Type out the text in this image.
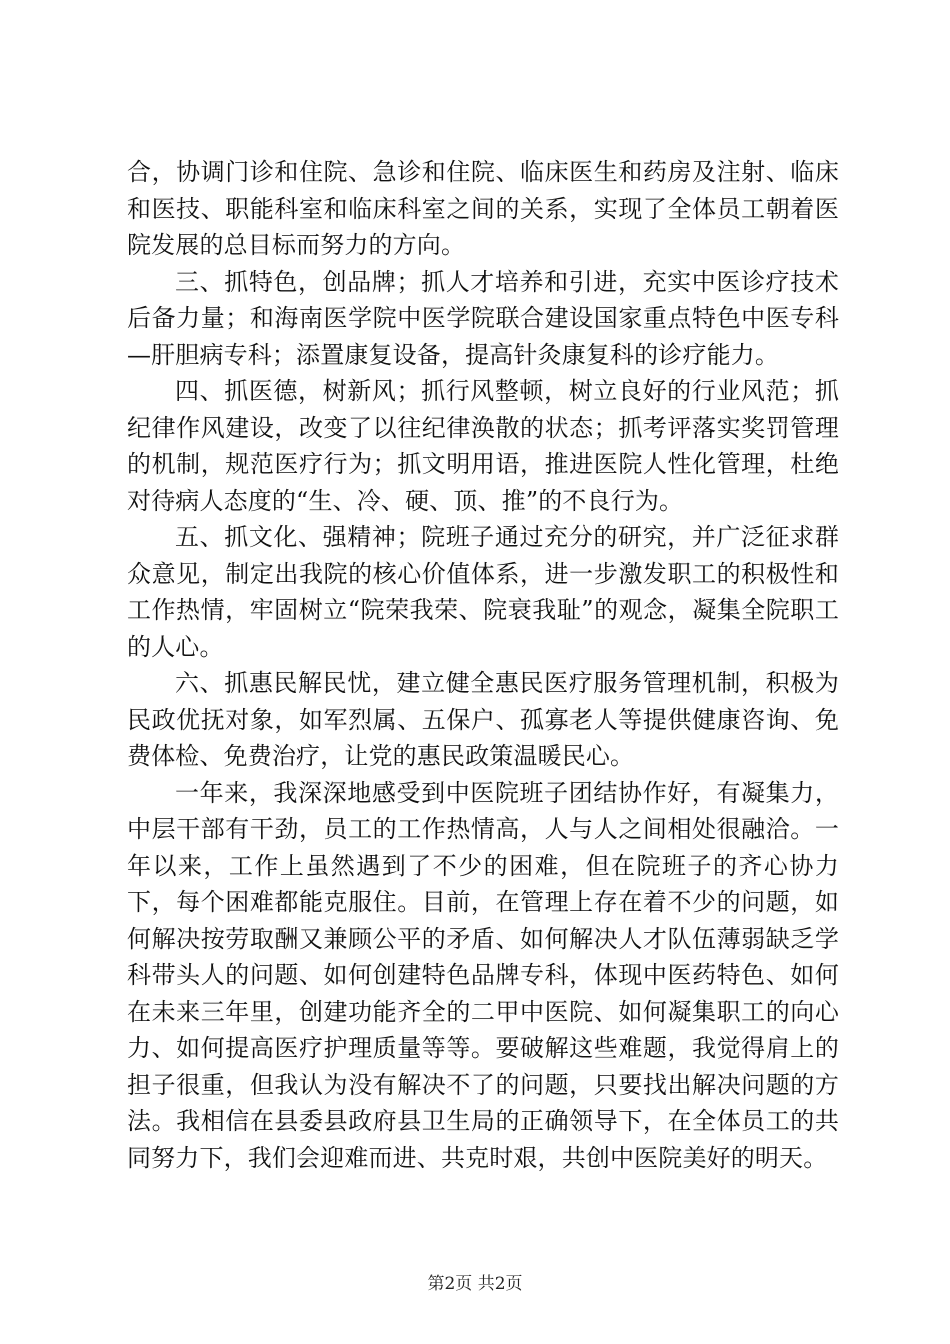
合，协调门诊和住院、急诊和住院、临床医生和药房及注射、临床和医技、职能科室和临床科室之间的关系，实现了全体员工朝着医院发展的总目标而努力的方向。

三、抓特色，创品牌；抓人才培养和引进，充实中医诊疗技术后备力量；和海南医学院中医学院联合建设国家重点特色中医专科—肝胆病专科；添置康复设备，提高针灸康复科的诊疗能力。

四、抓医德，树新风；抓行风整顿，树立良好的行业风范；抓纪律作风建设，改变了以往纪律涣散的状态；抓考评落实奖罚管理的机制，规范医疗行为；抓文明用语，推进医院人性化管理，杜绝对待病人态度的“生、冷、硬、顶、推”的不良行为。

五、抓文化、强精神；院班子通过充分的研究，并广泛征求群众意见，制定出我院的核心价值体系，进一步激发职工的积极性和工作热情，牢固树立“院荣我荣、院衰我耻”的观念，凝集全院职工的人心。

六、抓惠民解民忧，建立健全惠民医疗服务管理机制，积极为民政优抚对象，如军烈属、五保户、孤寡老人等提供健康咨询、免费体检、免费治疗，让党的惠民政策温暖民心。

一年来，我深深地感受到中医院班子团结协作好，有凝集力，中层干部有干劲，员工的工作热情高，人与人之间相处很融洽。一年以来，工作上虽然遇到了不少的困难，但在院班子的齐心协力下，每个困难都能克服住。目前，在管理上存在着不少的问题，如何解决按劳取酬又兼顾公平的矛盾、如何解决人才队伍薄弱缺乏学科带头人的问题、如何创建特色品牌专科，体现中医药特色、如何在未来三年里，创建功能齐全的二甲中医院、如何凝集职工的向心力、如何提高医疗护理质量等等。要破解这些难题，我觉得肩上的担子很重，但我认为没有解决不了的问题，只要找出解决问题的方法。我相信在县委县政府县卫生局的正确领导下，在全体员工的共同努力下，我们会迎难而进、共克时艰，共创中医院美好的明天。

第2页 共2页
